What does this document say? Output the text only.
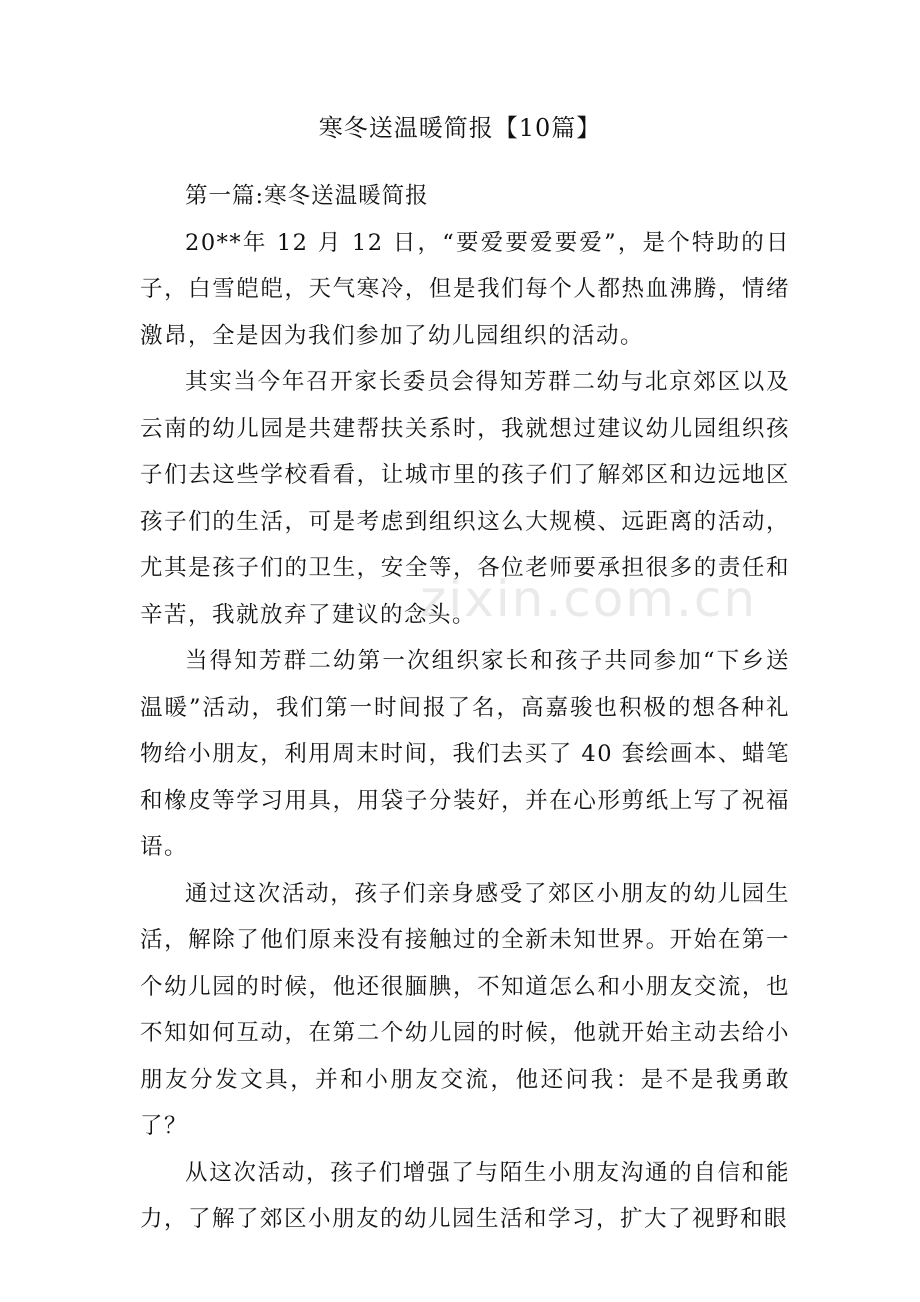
寒冬送温暖简报【10篇】

第一篇:寒冬送温暖简报

20**年 12 月 12 日，“要爱要爱要爱”，是个特助的日子，白雪皑皑，天气寒冷，但是我们每个人都热血沸腾，情绪激昂，全是因为我们参加了幼儿园组织的活动。

其实当今年召开家长委员会得知芳群二幼与北京郊区以及云南的幼儿园是共建帮扶关系时，我就想过建议幼儿园组织孩子们去这些学校看看，让城市里的孩子们了解郊区和边远地区孩子们的生活，可是考虑到组织这么大规模、远距离的活动，尤其是孩子们的卫生，安全等，各位老师要承担很多的责任和辛苦，我就放弃了建议的念头。

当得知芳群二幼第一次组织家长和孩子共同参加“下乡送温暖”活动，我们第一时间报了名，高嘉骏也积极的想各种礼物给小朋友，利用周末时间，我们去买了 40 套绘画本、蜡笔和橡皮等学习用具，用袋子分装好，并在心形剪纸上写了祝福语。

通过这次活动，孩子们亲身感受了郊区小朋友的幼儿园生活，解除了他们原来没有接触过的全新未知世界。开始在第一个幼儿园的时候，他还很腼腆，不知道怎么和小朋友交流，也不知如何互动，在第二个幼儿园的时候，他就开始主动去给小朋友分发文具，并和小朋友交流，他还问我：是不是我勇敢了？

从这次活动，孩子们增强了与陌生小朋友沟通的自信和能力，了解了郊区小朋友的幼儿园生活和学习，扩大了视野和眼

zixin.com.cn
